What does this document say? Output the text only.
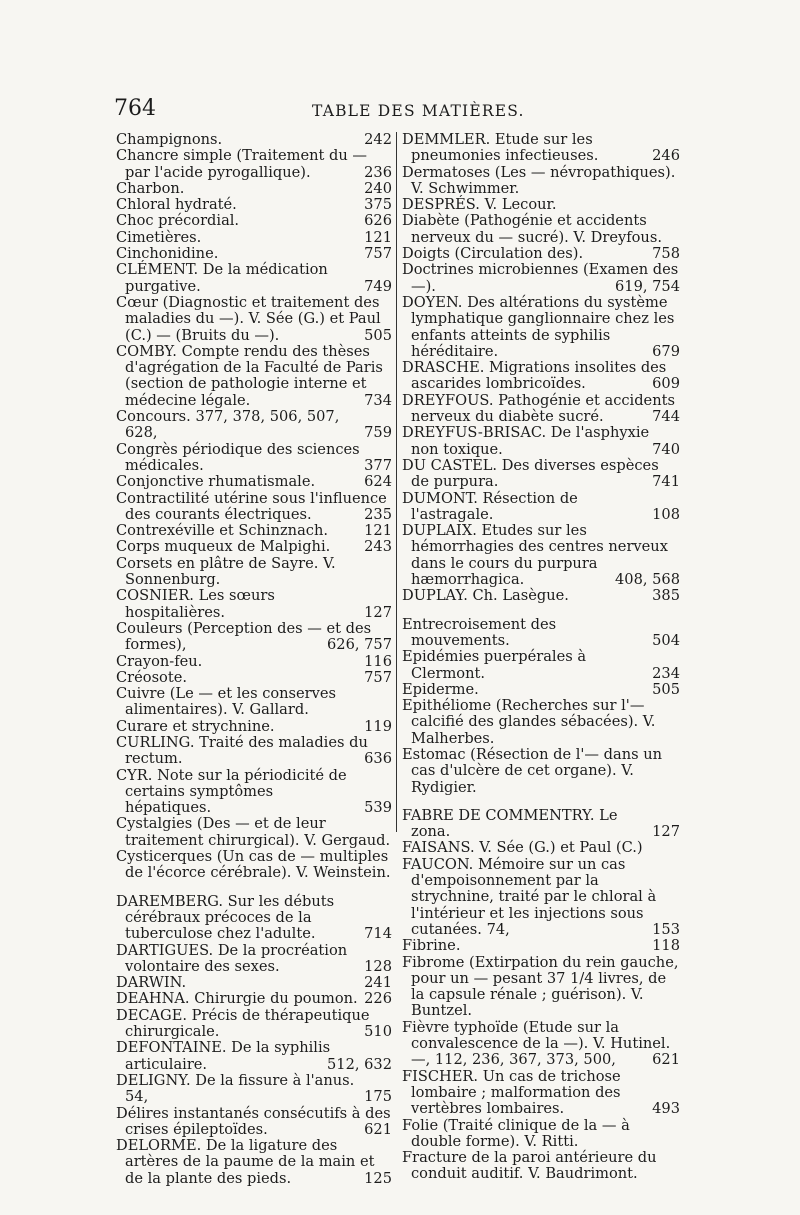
764	TABLE DES MATIÈRES.
Champignons.	242
Chancre simple (Traitement du — par l'acide pyrogallique).	236
Charbon.	240
Chloral hydraté.	375
Choc précordial.	626
Cimetières.	121
Cinchonidine.	757
CLÉMENT. De la médication purgative.	749
Cœur (Diagnostic et traitement des maladies du —). V. Sée (G.) et Paul (C.) — (Bruits du —).	505
COMBY. Compte rendu des thèses d'agrégation de la Faculté de Paris (section de pathologie interne et médecine légale.	734
Concours. 377, 378, 506, 507, 628,	759
Congrès périodique des sciences médicales.	377
Conjonctive rhumatismale.	624
Contractilité utérine sous l'influence des courants électriques.	235
Contrexéville et Schinznach. 121
Corps muqueux de Malpighi. 243
Corsets en plâtre de Sayre. V. Sonnenburg.
COSNIER. Les sœurs hospitalières.	127
Couleurs (Perception des — et des formes),	626, 757
Crayon-feu.	116
Créosote.	757
Cuivre (Le — et les conserves alimentaires). V. Gallard.
Curare et strychnine.	119
CURLING. Traité des maladies du rectum.	636
CYR. Note sur la périodicité de certains symptômes hépatiques.	539
Cystalgies (Des — et de leur traitement chirurgical). V. Gergaud.
Cysticerques (Un cas de — multiples de l'écorce cérébrale). V. Weinstein.
DAREMBERG. Sur les débuts cérébraux précoces de la tuberculose chez l'adulte.	714
DARTIGUES. De la procréation volontaire des sexes.	128
DARWIN.	241
DEAHNA. Chirurgie du poumon. 226
DECAGE. Précis de thérapeutique chirurgicale.	510
DEFONTAINE. De la syphilis articulaire.	512, 632
DELIGNY. De la fissure à l'anus. 54,	175
Délires instantanés consécutifs à des crises épileptoïdes.	621
DELORME. De la ligature des artères de la paume de la main et de la plante des pieds.	125
DEMMLER. Etude sur les pneumonies infectieuses.	246
Dermatoses (Les — névropathiques). V. Schwimmer.
DESPRÉS. V. Lecour.
Diabète (Pathogénie et accidents nerveux du — sucré). V. Dreyfous.
Doigts (Circulation des).	758
Doctrines microbiennes (Examen des —).	619, 754
DOYEN. Des altérations du système lymphatique ganglionnaire chez les enfants atteints de syphilis héréditaire.	679
DRASCHE. Migrations insolites des ascarides lombricoïdes.	609
DREYFOUS. Pathogénie et accidents nerveux du diabète sucré.	744
DREYFUS-BRISAC. De l'asphyxie non toxique.	740
DU CASTEL. Des diverses espèces de purpura.	741
DUMONT. Résection de l'astragale.	108
DUPLAIX. Etudes sur les hémorrhagies des centres nerveux dans le cours du purpura hæmorrhagica.	408, 568
DUPLAY. Ch. Lasègue.	385
Entrecroisement des mouvements.	504
Epidémies puerpérales à Clermont.	234
Epiderme.	505
Epithéliome (Recherches sur l'— calcifié des glandes sébacées). V. Malherbes.
Estomac (Résection de l'— dans un cas d'ulcère de cet organe). V. Rydigier.
FABRE DE COMMENTRY. Le zona.	127
FAISANS. V. Sée (G.) et Paul (C.)
FAUCON. Mémoire sur un cas d'empoisonnement par la strychnine, traité par le chloral à l'intérieur et les injections sous cutanées. 74,	153
Fibrine.	118
Fibrome (Extirpation du rein gauche, pour un — pesant 37 1/4 livres, de la capsule rénale ; guérison). V. Buntzel.
Fièvre typhoïde (Etude sur la convalescence de la —). V. Hutinel. —, 112, 236, 367, 373, 500, 621
FISCHER. Un cas de trichose lombaire ; malformation des vertèbres lombaires.	493
Folie (Traité clinique de la — à double forme). V. Ritti.
Fracture de la paroi antérieure du conduit auditif. V. Baudrimont.
